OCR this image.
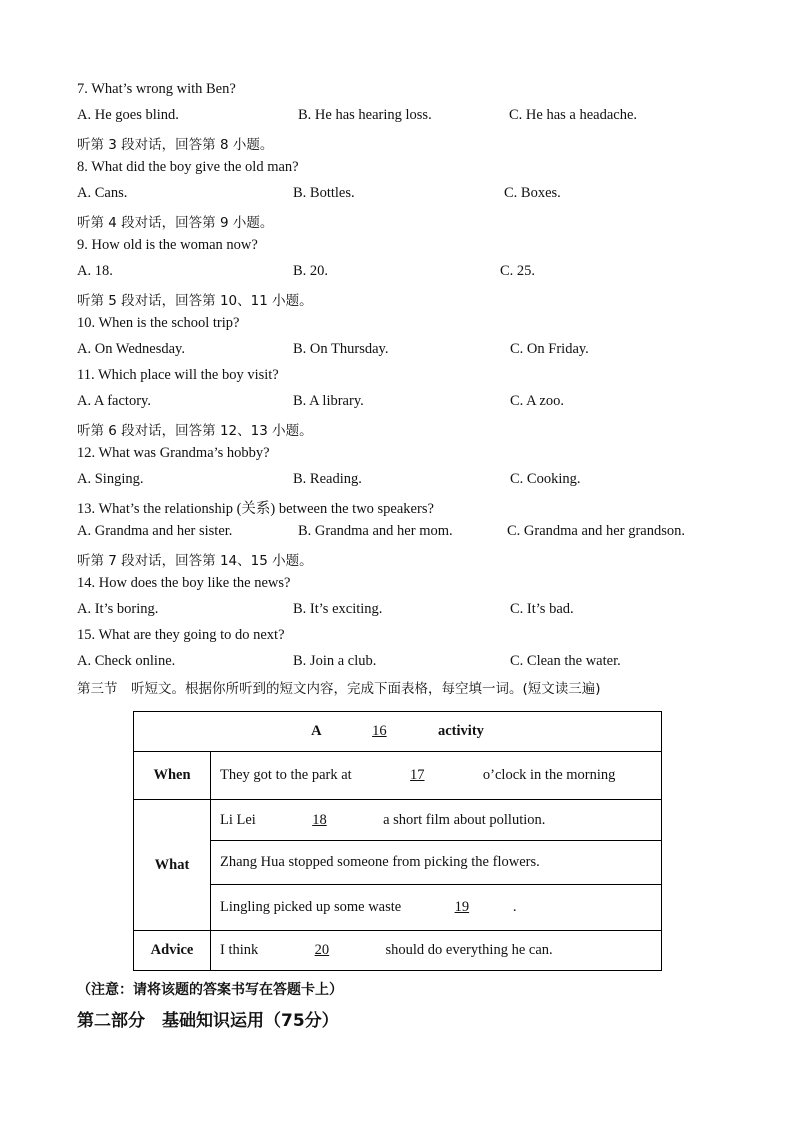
7. What’s wrong with Ben?
A. He goes blind.	B. He has hearing loss.	C. He has a headache.
听第 3 段对话，回答第 8 小题。
8. What did the boy give the old man?
A. Cans.	B. Bottles.	C. Boxes.
听第 4 段对话，回答第 9 小题。
9. How old is the woman now?
A. 18.	B. 20.	C. 25.
听第 5 段对话，回答第 10、11 小题。
10. When is the school trip?
A. On Wednesday.	B. On Thursday.	C. On Friday.
11. Which place will the boy visit?
A. A factory.	B. A library.	C. A zoo.
听第 6 段对话，回答第 12、13 小题。
12. What was Grandma’s hobby?
A. Singing.	B. Reading.	C. Cooking.
13. What’s the relationship (关系) between the two speakers?
A. Grandma and her sister.	B. Grandma and her mom.	C. Grandma and her grandson.
听第 7 段对话，回答第 14、15 小题。
14. How does the boy like the news?
A. It’s boring.	B. It’s exciting.	C. It’s bad.
15. What are they going to do next?
A. Check online.	B. Join a club.	C. Clean the water.
第三节　听短文。根据你所听到的短文内容，完成下面表格，每空填一词。(短文读三遍)
A 16 activity	
When	They got to the park at 17 o’clock in the morning
What	Li Lei 18 a short film about pollution.
	Zhang Hua stopped someone from picking the flowers.
	Lingling picked up some waste 19 .
Advice	I think 20 should do everything he can.
（注意：请将该题的答案书写在答题卡上）
第二部分　基础知识运用（75分）
